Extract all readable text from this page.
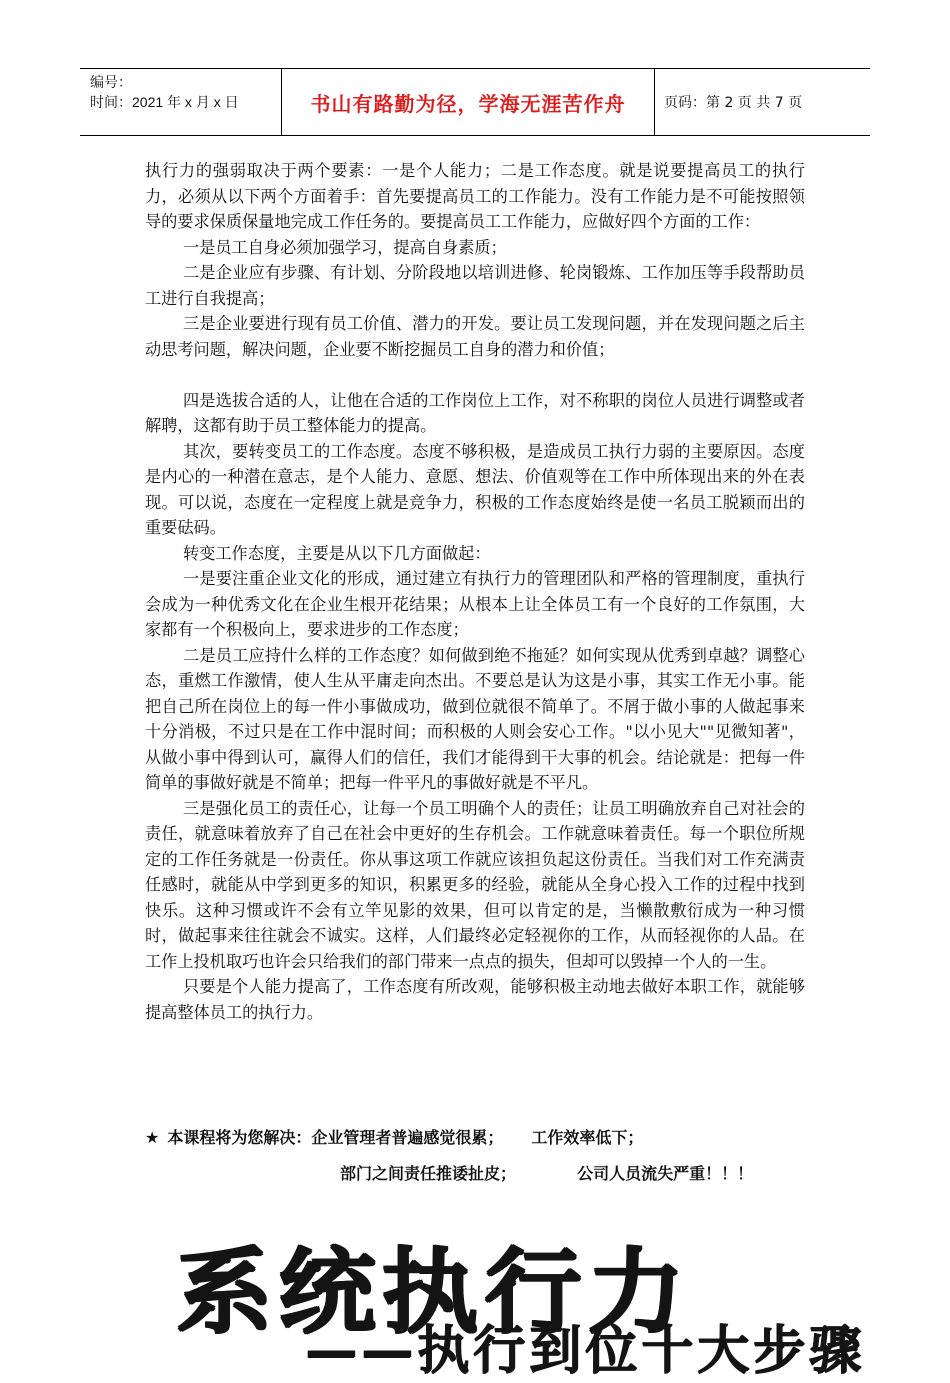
编号：
时间：2021 年 x 月 x 日	书山有路勤为径，学海无涯苦作舟	页码：第 2 页 共 7 页

执行力的强弱取决于两个要素：一是个人能力；二是工作态度。就是说要提高员工的执行力，必须从以下两个方面着手：首先要提高员工的工作能力。没有工作能力是不可能按照领导的要求保质保量地完成工作任务的。要提高员工工作能力，应做好四个方面的工作：

一是员工自身必须加强学习，提高自身素质；

二是企业应有步骤、有计划、分阶段地以培训进修、轮岗锻炼、工作加压等手段帮助员工进行自我提高；

三是企业要进行现有员工价值、潜力的开发。要让员工发现问题，并在发现问题之后主动思考问题，解决问题，企业要不断挖掘员工自身的潜力和价值；

四是选拔合适的人，让他在合适的工作岗位上工作，对不称职的岗位人员进行调整或者解聘，这都有助于员工整体能力的提高。

其次，要转变员工的工作态度。态度不够积极，是造成员工执行力弱的主要原因。态度是内心的一种潜在意志，是个人能力、意愿、想法、价值观等在工作中所体现出来的外在表现。可以说，态度在一定程度上就是竞争力，积极的工作态度始终是使一名员工脱颖而出的重要砝码。

转变工作态度，主要是从以下几方面做起：

一是要注重企业文化的形成，通过建立有执行力的管理团队和严格的管理制度，重执行会成为一种优秀文化在企业生根开花结果；从根本上让全体员工有一个良好的工作氛围，大家都有一个积极向上，要求进步的工作态度；

二是员工应持什么样的工作态度？如何做到绝不拖延？如何实现从优秀到卓越？调整心态，重燃工作激情，使人生从平庸走向杰出。不要总是认为这是小事，其实工作无小事。能把自己所在岗位上的每一件小事做成功，做到位就很不简单了。不屑于做小事的人做起事来十分消极，不过只是在工作中混时间；而积极的人则会安心工作。"以小见大""见微知著"，从做小事中得到认可，赢得人们的信任，我们才能得到干大事的机会。结论就是：把每一件简单的事做好就是不简单；把每一件平凡的事做好就是不平凡。

三是强化员工的责任心，让每一个员工明确个人的责任；让员工明确放弃自己对社会的责任，就意味着放弃了自己在社会中更好的生存机会。工作就意味着责任。每一个职位所规定的工作任务就是一份责任。你从事这项工作就应该担负起这份责任。当我们对工作充满责任感时，就能从中学到更多的知识，积累更多的经验，就能从全身心投入工作的过程中找到快乐。这种习惯或许不会有立竿见影的效果，但可以肯定的是，当懒散敷衍成为一种习惯时，做起事来往往就会不诚实。这样，人们最终必定轻视你的工作，从而轻视你的人品。在工作上投机取巧也许会只给我们的部门带来一点点的损失，但却可以毁掉一个人的一生。

只要是个人能力提高了，工作态度有所改观，能够积极主动地去做好本职工作，就能够提高整体员工的执行力。

★ 本课程将为您解决：企业管理者普遍感觉很累； 工作效率低下；
部门之间责任推诿扯皮；	公司人员流失严重！！！
系统执行力
——执行到位十大步骤
